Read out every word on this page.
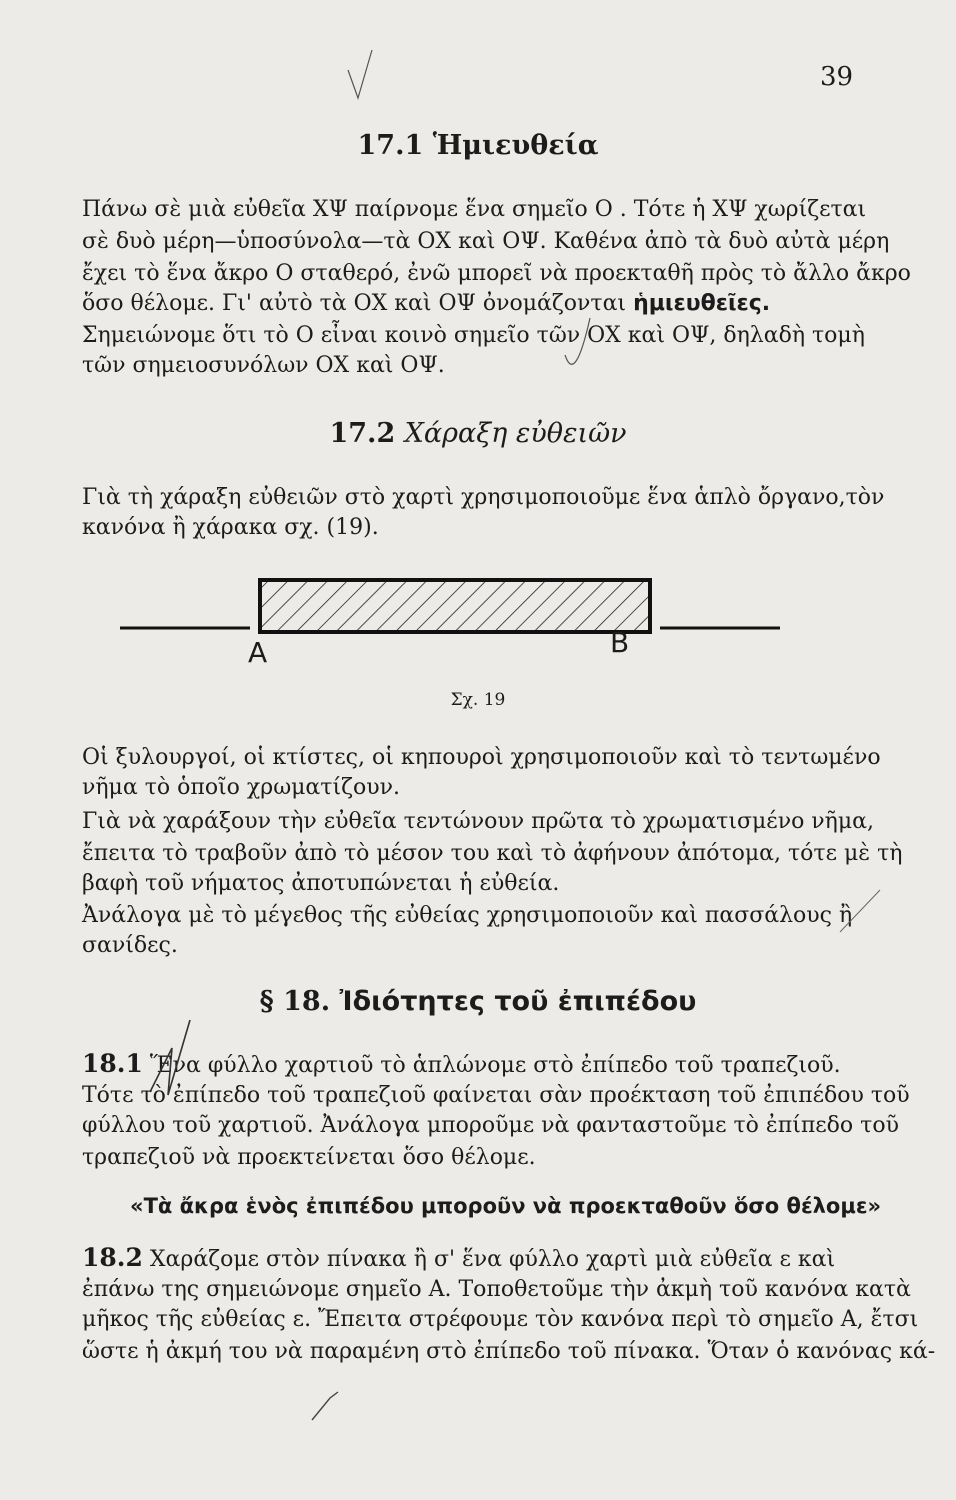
39
17.1 Ἡμιευθεία
Πάνω σὲ μιὰ εὐθεῖα ΧΨ παίρνομε ἕνα σημεῖο Ο . Τότε ἡ ΧΨ χωρίζεται
σὲ δυὸ μέρη—ὑποσύνολα—τὰ ΟΧ καὶ ΟΨ. Καθένα ἀπὸ τὰ δυὸ αὐτὰ μέρη
ἔχει τὸ ἕνα ἄκρο Ο σταθερό, ἐνῶ μπορεῖ νὰ προεκταθῆ πρὸς τὸ ἄλλο ἄκρο
ὅσο θέλομε. Γι' αὐτὸ τὰ ΟΧ καὶ ΟΨ ὀνομάζονται ἡμιευθεῖες.
Σημειώνομε ὅτι τὸ Ο εἶναι κοινὸ σημεῖο τῶν ΟΧ καὶ ΟΨ, δηλαδὴ τομὴ
τῶν σημειοσυνόλων ΟΧ καὶ ΟΨ.
17.2 Χάραξη εὐθειῶν
Γιὰ τὴ χάραξη εὐθειῶν στὸ χαρτὶ χρησιμοποιοῦμε ἕνα ἁπλὸ ὄργανο,τὸν
κανόνα ἢ χάρακα σχ. (19).
Α	Β
Σχ. 19
Οἱ ξυλουργοί, οἱ κτίστες, οἱ κηπουροὶ χρησιμοποιοῦν καὶ τὸ τεντωμένο
νῆμα τὸ ὁποῖο χρωματίζουν.
Γιὰ νὰ χαράξουν τὴν εὐθεῖα τεντώνουν πρῶτα τὸ χρωματισμένο νῆμα,
ἔπειτα τὸ τραβοῦν ἀπὸ τὸ μέσον του καὶ τὸ ἀφήνουν ἀπότομα, τότε μὲ τὴ
βαφὴ τοῦ νήματος ἀποτυπώνεται ἡ εὐθεία.
Ἀνάλογα μὲ τὸ μέγεθος τῆς εὐθείας χρησιμοποιοῦν καὶ πασσάλους ἢ
σανίδες.
§ 18. Ἰδιότητες τοῦ ἐπιπέδου
18.1 Ἕνα φύλλο χαρτιοῦ τὸ ἁπλώνομε στὸ ἐπίπεδο τοῦ τραπεζιοῦ.
Τότε τὸ ἐπίπεδο τοῦ τραπεζιοῦ φαίνεται σὰν προέκταση τοῦ ἐπιπέδου τοῦ
φύλλου τοῦ χαρτιοῦ. Ἀνάλογα μποροῦμε νὰ φανταστοῦμε τὸ ἐπίπεδο τοῦ
τραπεζιοῦ νὰ προεκτείνεται ὅσο θέλομε.
«Τὰ ἄκρα ἑνὸς ἐπιπέδου μποροῦν νὰ προεκταθοῦν ὅσο θέλομε»
18.2 Χαράζομε στὸν πίνακα ἢ σ' ἕνα φύλλο χαρτὶ μιὰ εὐθεῖα ε καὶ
ἐπάνω της σημειώνομε σημεῖο Α. Τοποθετοῦμε τὴν ἀκμὴ τοῦ κανόνα κατὰ
μῆκος τῆς εὐθείας ε. Ἔπειτα στρέφουμε τὸν κανόνα περὶ τὸ σημεῖο Α, ἔτσι
ὥστε ἡ ἀκμή του νὰ παραμένη στὸ ἐπίπεδο τοῦ πίνακα. Ὅταν ὁ κανόνας κά-
